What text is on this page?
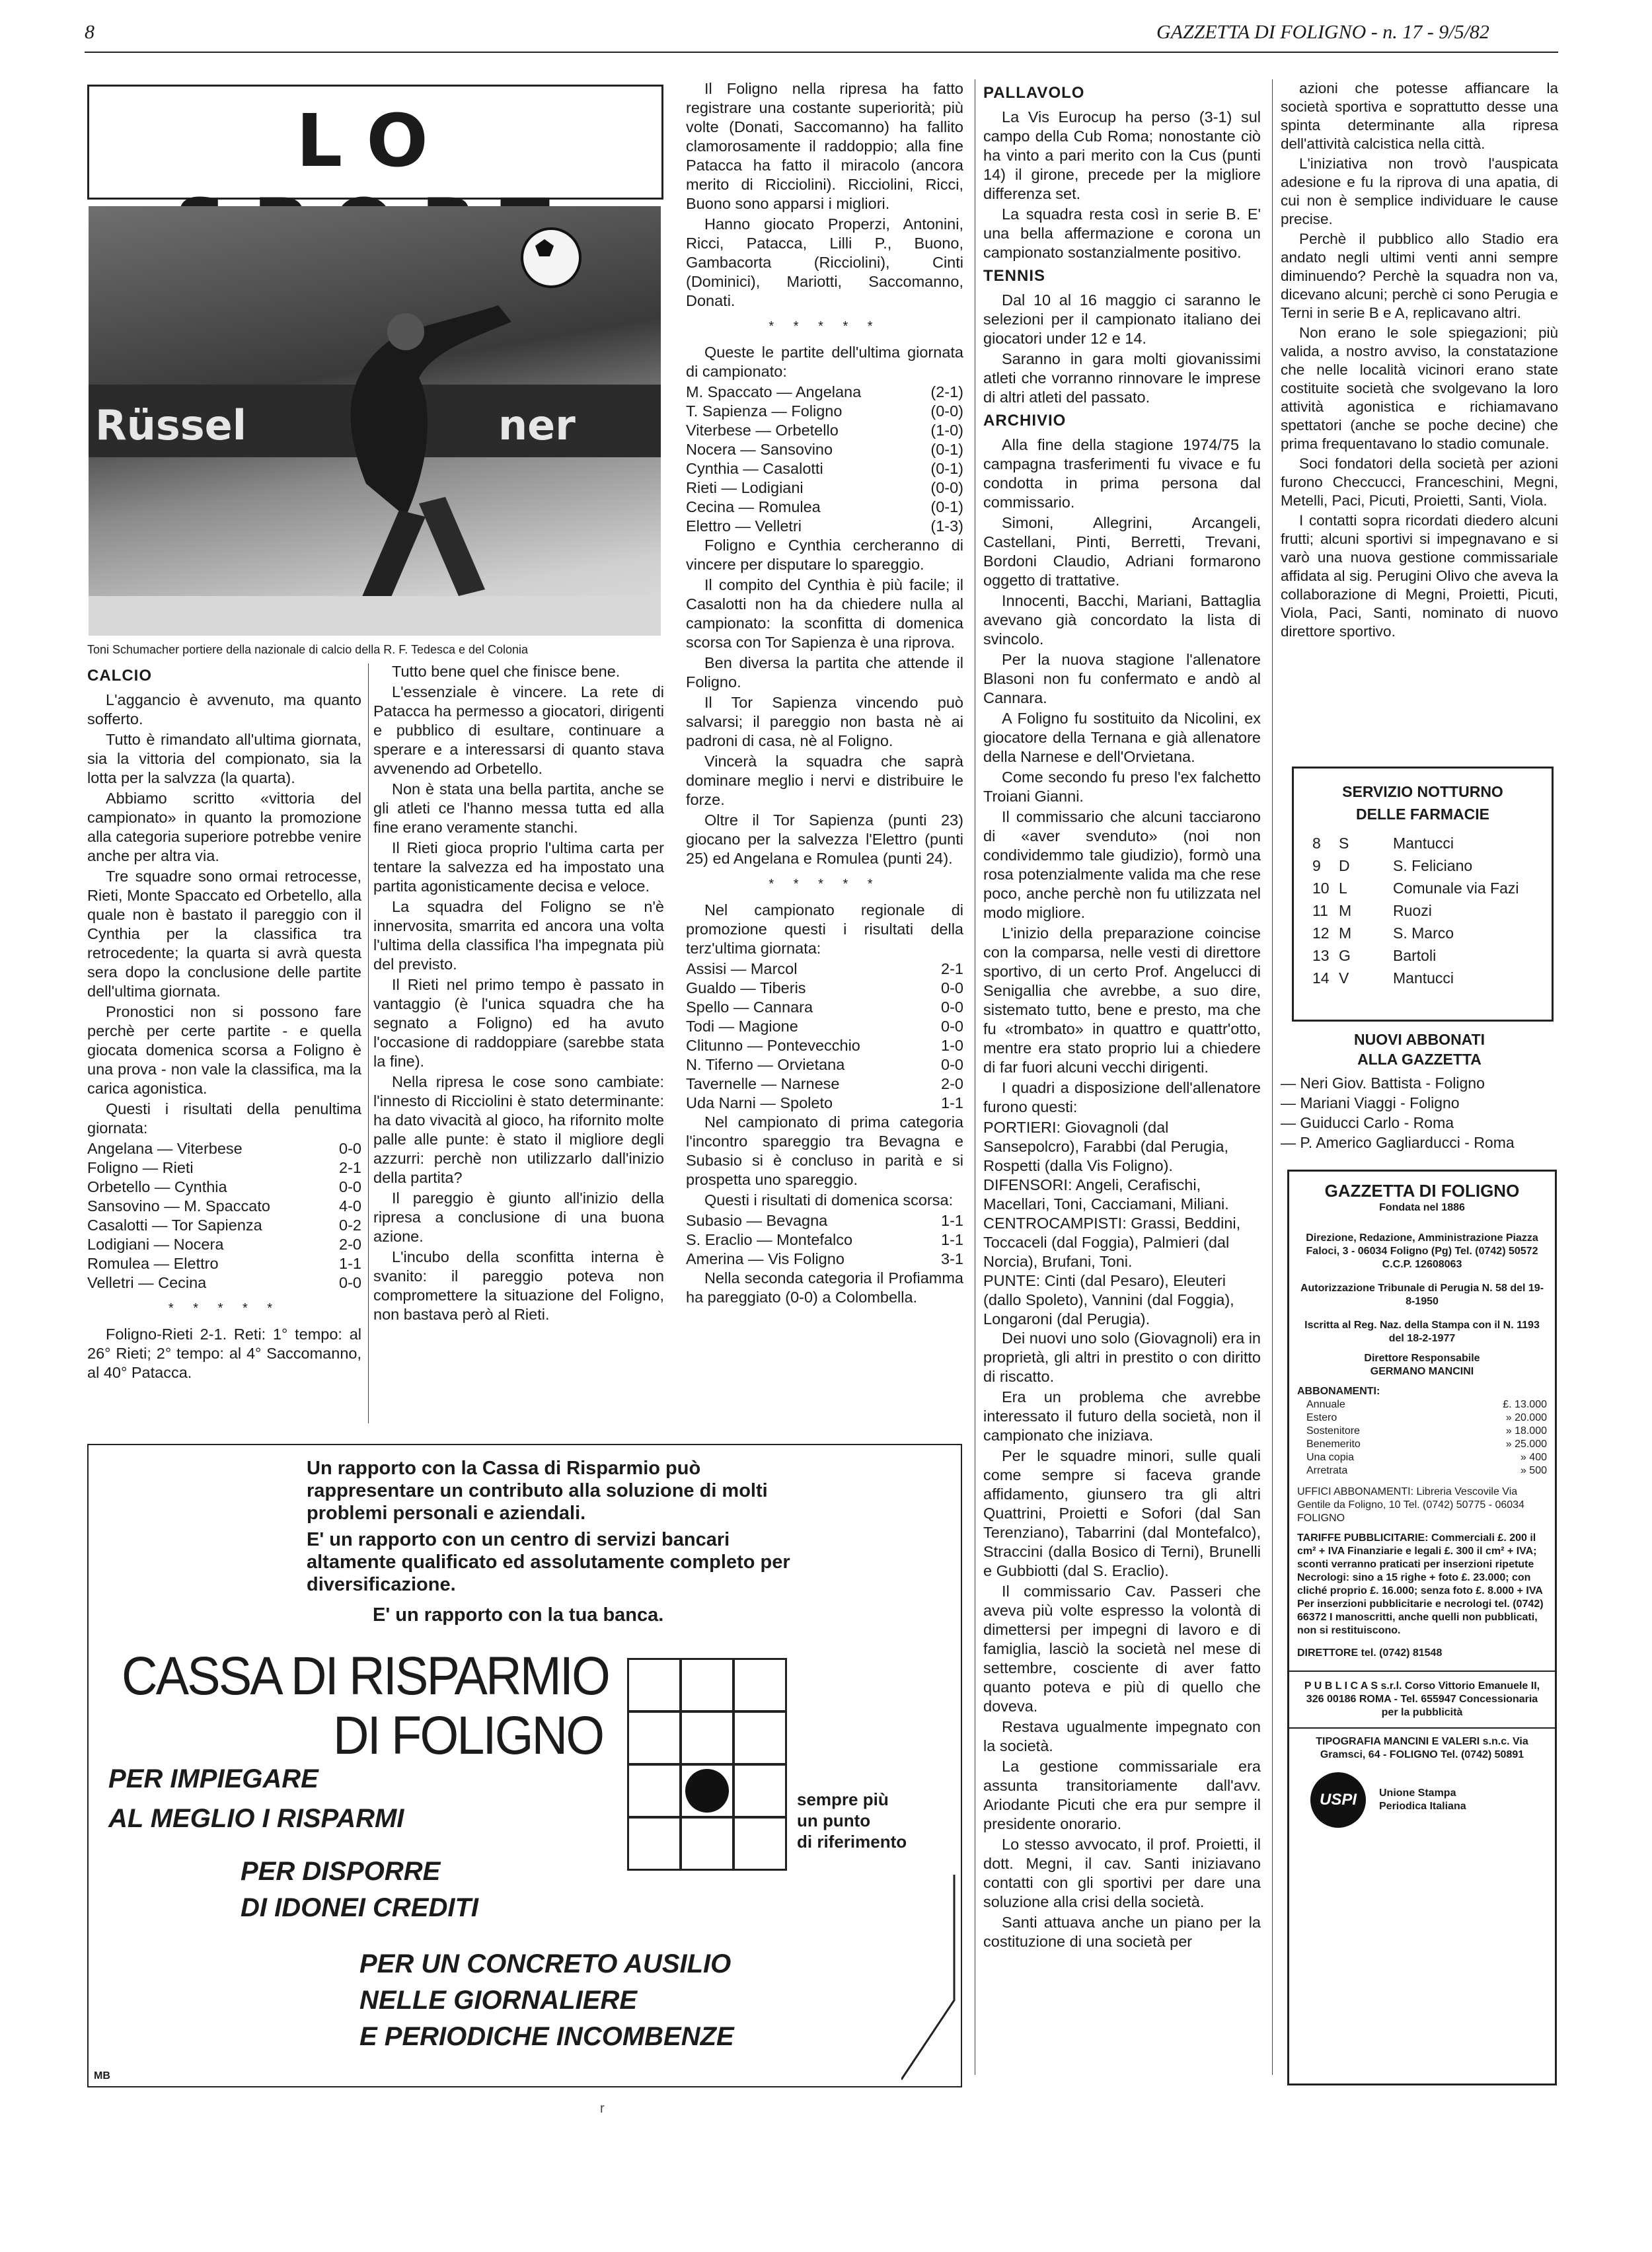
8	GAZZETTA DI FOLIGNO - n. 17 - 9/5/82
LO
Rüssel	ner
Toni Schumacher portiere della nazionale di calcio della R. F. Tedesca e del Colonia
CALCIO

L'aggancio è avvenuto, ma quanto sofferto.

Tutto è rimandato all'ultima giornata, sia la vittoria del compionato, sia la lotta per la salvzza (la quarta).

Abbiamo scritto «vittoria del campionato» in quanto la promozione alla categoria superiore potrebbe venire anche per altra via.

Tre squadre sono ormai retrocesse, Rieti, Monte Spaccato ed Orbetello, alla quale non è bastato il pareggio con il Cynthia per la classifica tra retrocedente; la quarta si avrà questa sera dopo la conclusione delle partite dell'ultima giornata.

Pronostici non si possono fare perchè per certe partite - e quella giocata domenica scorsa a Foligno è una prova - non vale la classifica, ma la carica agonistica.

Questi i risultati della penultima giornata:

Angelana — Viterbese	0-0
Foligno — Rieti	2-1
Orbetello — Cynthia	0-0
Sansovino — M. Spaccato	4-0
Casalotti — Tor Sapienza	0-2
Lodigiani — Nocera	2-0
Romulea — Elettro	1-1
Velletri — Cecina	0-0
* * * * *

Foligno-Rieti 2-1. Reti: 1° tempo: al 26° Rieti; 2° tempo: al 4° Saccomanno, al 40° Patacca.

Tutto bene quel che finisce bene.

L'essenziale è vincere. La rete di Patacca ha permesso a giocatori, dirigenti e pubblico di esultare, continuare a sperare e a interessarsi di quanto stava avvenendo ad Orbetello.

Non è stata una bella partita, anche se gli atleti ce l'hanno messa tutta ed alla fine erano veramente stanchi.

Il Rieti gioca proprio l'ultima carta per tentare la salvezza ed ha impostato una partita agonisticamente decisa e veloce.

La squadra del Foligno se n'è innervosita, smarrita ed ancora una volta l'ultima della classifica l'ha impegnata più del previsto.

Il Rieti nel primo tempo è passato in vantaggio (è l'unica squadra che ha segnato a Foligno) ed ha avuto l'occasione di raddoppiare (sarebbe stata la fine).

Nella ripresa le cose sono cambiate: l'innesto di Ricciolini è stato determinante: ha dato vivacità al gioco, ha rifornito molte palle alle punte: è stato il migliore degli azzurri: perchè non utilizzarlo dall'inizio della partita?

Il pareggio è giunto all'inizio della ripresa a conclusione di una buona azione.

L'incubo della sconfitta interna è svanito: il pareggio poteva non compromettere la situazione del Foligno, non bastava però al Rieti.

Il Foligno nella ripresa ha fatto registrare una costante superiorità; più volte (Donati, Saccomanno) ha fallito clamorosamente il raddoppio; alla fine Patacca ha fatto il miracolo (ancora merito di Ricciolini). Ricciolini, Ricci, Buono sono apparsi i migliori.

Hanno giocato Properzi, Antonini, Ricci, Patacca, Lilli P., Buono, Gambacorta (Ricciolini), Cinti (Dominici), Mariotti, Saccomanno, Donati.

* * * * *

Queste le partite dell'ultima giornata di campionato:

M. Spaccato — Angelana	(2-1)
T. Sapienza — Foligno	(0-0)
Viterbese — Orbetello	(1-0)
Nocera — Sansovino	(0-1)
Cynthia — Casalotti	(0-1)
Rieti — Lodigiani	(0-0)
Cecina — Romulea	(0-1)
Elettro — Velletri	(1-3)

Foligno e Cynthia cercheranno di vincere per disputare lo spareggio.

Il compito del Cynthia è più facile; il Casalotti non ha da chiedere nulla al campionato: la sconfitta di domenica scorsa con Tor Sapienza è una riprova.

Ben diversa la partita che attende il Foligno.

Il Tor Sapienza vincendo può salvarsi; il pareggio non basta nè ai padroni di casa, nè al Foligno.

Vincerà la squadra che saprà dominare meglio i nervi e distribuire le forze.

Oltre il Tor Sapienza (punti 23) giocano per la salvezza l'Elettro (punti 25) ed Angelana e Romulea (punti 24).

* * * * *

Nel campionato regionale di promozione questi i risultati della terz'ultima giornata:

Assisi — Marcol	2-1
Gualdo — Tiberis	0-0
Spello — Cannara	0-0
Todi — Magione	0-0
Clitunno — Pontevecchio	1-0
N. Tiferno — Orvietana	0-0
Tavernelle — Narnese	2-0
Uda Narni — Spoleto	1-1

Nel campionato di prima categoria l'incontro spareggio tra Bevagna e Subasio si è concluso in parità e si prospetta uno spareggio.

Questi i risultati di domenica scorsa:

Subasio — Bevagna	1-1
S. Eraclio — Montefalco	1-1
Amerina — Vis Foligno	3-1

Nella seconda categoria il Profiamma ha pareggiato (0-0) a Colombella.

PALLAVOLO

La Vis Eurocup ha perso (3-1) sul campo della Cub Roma; nonostante ciò ha vinto a pari merito con la Cus (punti 14) il girone, precede per la migliore differenza set.

La squadra resta così in serie B. E' una bella affermazione e corona un campionato sostanzialmente positivo.

TENNIS

Dal 10 al 16 maggio ci saranno le selezioni per il campionato italiano dei giocatori under 12 e 14.

Saranno in gara molti giovanissimi atleti che vorranno rinnovare le imprese di altri atleti del passato.

ARCHIVIO

Alla fine della stagione 1974/75 la campagna trasferimenti fu vivace e fu condotta in prima persona dal commissario.

Simoni, Allegrini, Arcangeli, Castellani, Pinti, Berretti, Trevani, Bordoni Claudio, Adriani formarono oggetto di trattative.

Innocenti, Bacchi, Mariani, Battaglia avevano già concordato la lista di svincolo.

Per la nuova stagione l'allenatore Blasoni non fu confermato e andò al Cannara.

A Foligno fu sostituito da Nicolini, ex giocatore della Ternana e già allenatore della Narnese e dell'Orvietana.

Come secondo fu preso l'ex falchetto Troiani Gianni.

Il commissario che alcuni tacciarono di «aver svenduto» (noi non condividemmo tale giudizio), formò una rosa potenzialmente valida ma che rese poco, anche perchè non fu utilizzata nel modo migliore.

L'inizio della preparazione coincise con la comparsa, nelle vesti di direttore sportivo, di un certo Prof. Angelucci di Senigallia che avrebbe, a suo dire, sistemato tutto, bene e presto, ma che fu «trombato» in quattro e quattr'otto, mentre era stato proprio lui a chiedere di far fuori alcuni vecchi dirigenti.

I quadri a disposizione dell'allenatore furono questi:

PORTIERI: Giovagnoli (dal Sansepolcro), Farabbi (dal Perugia, Rospetti (dalla Vis Foligno).
DIFENSORI: Angeli, Cerafischi, Macellari, Toni, Cacciamani, Miliani.
CENTROCAMPISTI: Grassi, Beddini, Toccaceli (dal Foggia), Palmieri (dal Norcia), Brufani, Toni.
PUNTE: Cinti (dal Pesaro), Eleuteri (dallo Spoleto), Vannini (dal Foggia), Longaroni (dal Perugia).

Dei nuovi uno solo (Giovagnoli) era in proprietà, gli altri in prestito o con diritto di riscatto.

Era un problema che avrebbe interessato il futuro della società, non il campionato che iniziava.

Per le squadre minori, sulle quali come sempre si faceva grande affidamento, giunsero tra gli altri Quattrini, Proietti e Sofori (dal San Terenziano), Tabarrini (dal Montefalco), Straccini (dalla Bosico di Terni), Brunelli e Gubbiotti (dal S. Eraclio).

Il commissario Cav. Passeri che aveva più volte espresso la volontà di dimettersi per impegni di lavoro e di famiglia, lasciò la società nel mese di settembre, cosciente di aver fatto quanto poteva e più di quello che doveva.

Restava ugualmente impegnato con la società.

La gestione commissariale era assunta transitoriamente dall'avv. Ariodante Picuti che era pur sempre il presidente onorario.

Lo stesso avvocato, il prof. Proietti, il dott. Megni, il cav. Santi iniziavano contatti con gli sportivi per dare una soluzione alla crisi della società.

Santi attuava anche un piano per la costituzione di una società per

azioni che potesse affiancare la società sportiva e soprattutto desse una spinta determinante alla ripresa dell'attività calcistica nella città.

L'iniziativa non trovò l'auspicata adesione e fu la riprova di una apatia, di cui non è semplice individuare le cause precise.

Perchè il pubblico allo Stadio era andato negli ultimi venti anni sempre diminuendo? Perchè la squadra non va, dicevano alcuni; perchè ci sono Perugia e Terni in serie B e A, replicavano altri.

Non erano le sole spiegazioni; più valida, a nostro avviso, la constatazione che nelle località vicinori erano state costituite società che svolgevano la loro attività agonistica e richiamavano spettatori (anche se poche decine) che prima frequentavano lo stadio comunale.

Soci fondatori della società per azioni furono Checcucci, Franceschini, Megni, Metelli, Paci, Picuti, Proietti, Santi, Viola.

I contatti sopra ricordati diedero alcuni frutti; alcuni sportivi si impegnavano e si varò una nuova gestione commissariale affidata al sig. Perugini Olivo che aveva la collaborazione di Megni, Proietti, Picuti, Viola, Paci, Santi, nominato di nuovo direttore sportivo.

SERVIZIO NOTTURNO
DELLE FARMACIE
8 S	Mantucci
9 D	S. Feliciano
10 L	Comunale via Fazi
11 M	Ruozi
12 M	S. Marco
13 G	Bartoli
14 V	Mantucci
NUOVI ABBONATI
ALLA GAZZETTA
— Neri Giov. Battista - Foligno
— Mariani Viaggi - Foligno
— Guiducci Carlo - Roma
— P. Americo Gagliarducci - Roma
GAZZETTA DI FOLIGNO
Fondata nel 1886
Direzione, Redazione, Amministrazione Piazza Faloci, 3 - 06034 Foligno (Pg) Tel. (0742) 50572 C.C.P. 12608063
Autorizzazione Tribunale di Perugia N. 58 del 19-8-1950
Iscritta al Reg. Naz. della Stampa con il N. 1193 del 18-2-1977
Direttore Responsabile
GERMANO MANCINI
ABBONAMENTI:
Annuale	£. 13.000
Estero	» 20.000
Sostenitore	» 18.000
Benemerito	» 25.000
Una copia	» 400
Arretrata	» 500
UFFICI ABBONAMENTI: Libreria Vescovile Via Gentile da Foligno, 10 Tel. (0742) 50775 - 06034 FOLIGNO
TARIFFE PUBBLICITARIE: Commerciali £. 200 il cm² + IVA Finanziarie e legali £. 300 il cm² + IVA; sconti verranno praticati per inserzioni ripetute Necrologi: sino a 15 righe + foto £. 23.000; con cliché proprio £. 16.000; senza foto £. 8.000 + IVA Per inserzioni pubblicitarie e necrologi tel. (0742) 66372 I manoscritti, anche quelli non pubblicati, non si restituiscono.
DIRETTORE tel. (0742) 81548
P U B L I C A S s.r.l. Corso Vittorio Emanuele II, 326 00186 ROMA - Tel. 655947 Concessionaria per la pubblicità
TIPOGRAFIA MANCINI E VALERI s.n.c. Via Gramsci, 64 - FOLIGNO Tel. (0742) 50891
USPI	Unione Stampa Periodica Italiana
Un rapporto con la Cassa di Risparmio può rappresentare un contributo alla soluzione di molti problemi personali e aziendali.
E' un rapporto con un centro di servizi bancari altamente qualificato ed assolutamente completo per diversificazione.
E' un rapporto con la tua banca.
CASSA DI RISPARMIO
DI FOLIGNO
PER IMPIEGARE
AL MEGLIO I RISPARMI
PER DISPORRE
DI IDONEI CREDITI
PER UN CONCRETO AUSILIO
NELLE GIORNALIERE
E PERIODICHE INCOMBENZE
sempre più
un punto
di riferimento
MB
r
